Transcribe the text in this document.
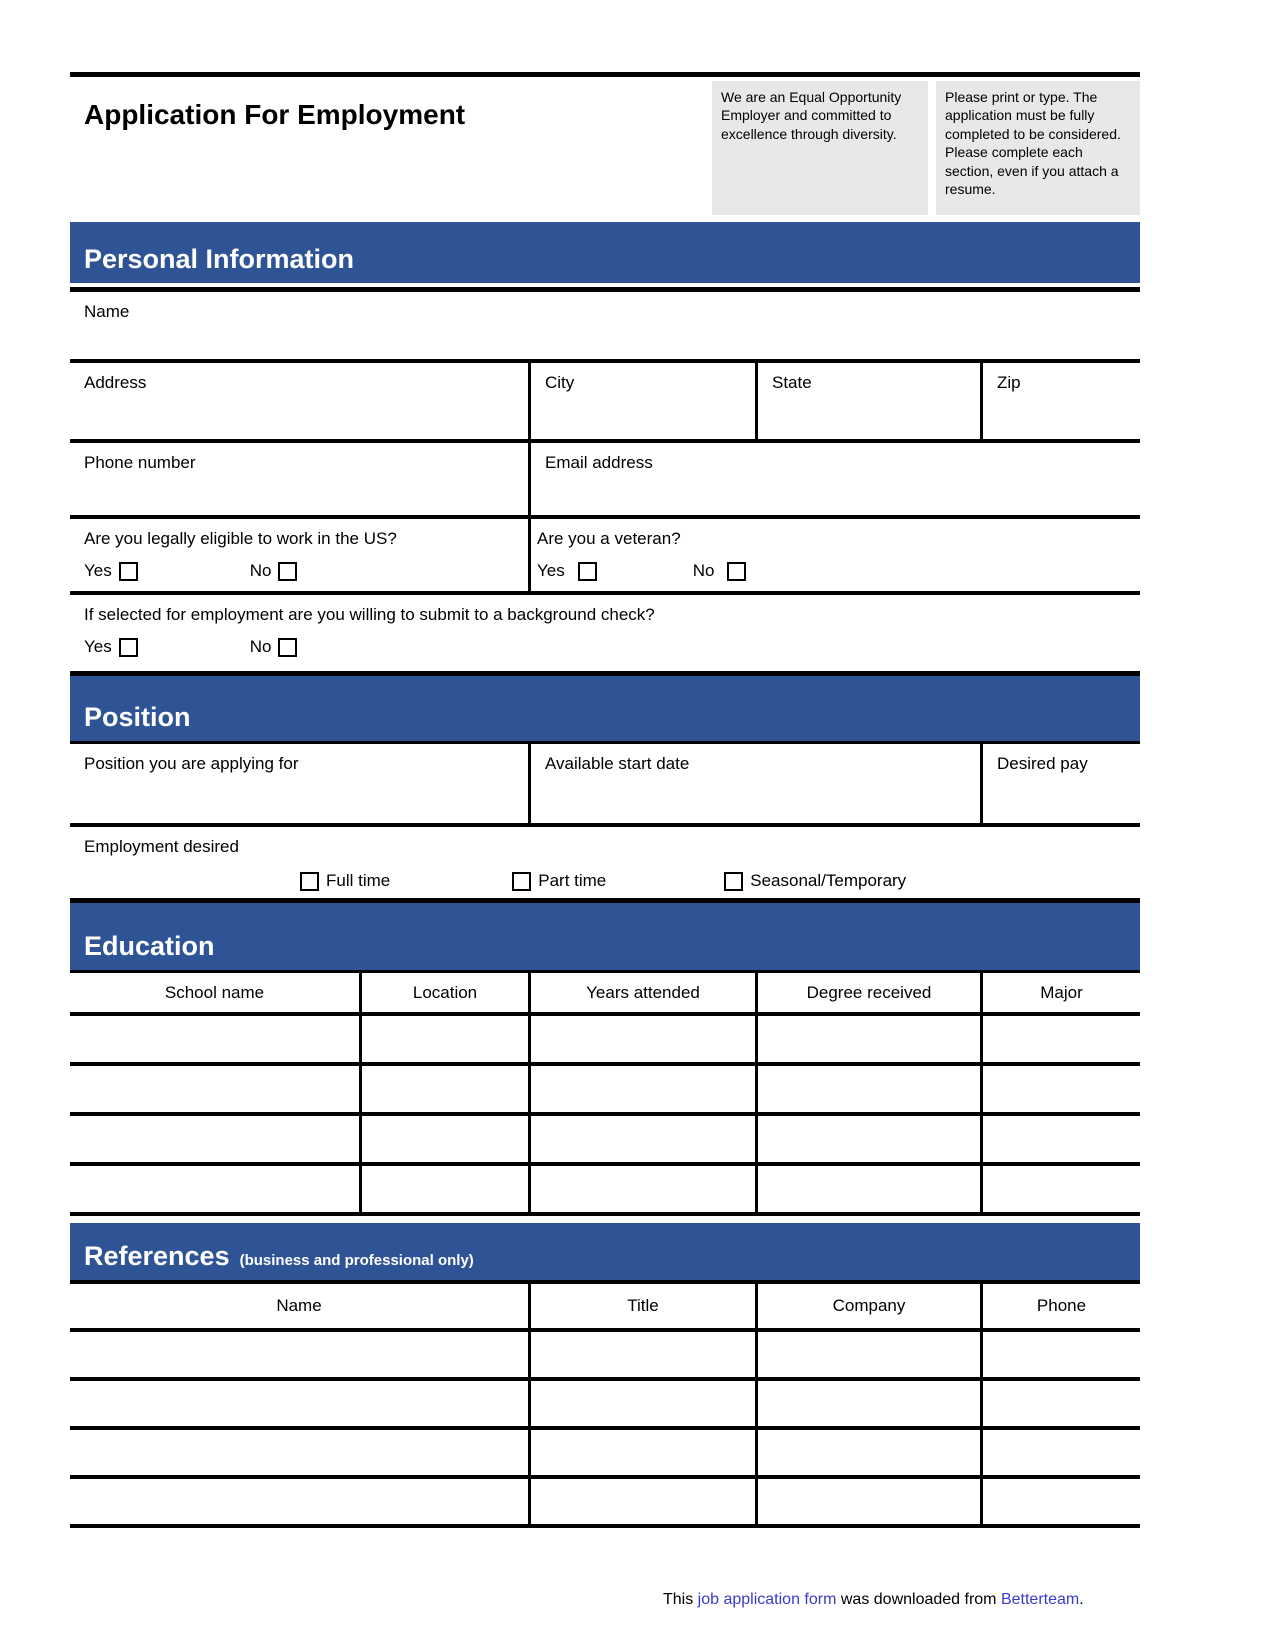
Application For Employment
We are an Equal Opportunity Employer and committed to excellence through diversity.
Please print or type. The application must be fully completed to be considered. Please complete each section, even if you attach a resume.
Personal Information
Name
Address	City	State	Zip
Phone number	Email address
Are you legally eligible to work in the US?
Yes	No
Are you a veteran?
Yes	No
If selected for employment are you willing to submit to a background check?
Yes	No
Position
Position you are applying for	Available start date	Desired pay
Employment desired
Full time	Part time	Seasonal/Temporary
Education
School name	Location	Years attended	Degree received	Major
References (business and professional only)
Name	Title	Company	Phone
This job application form was downloaded from Betterteam.
